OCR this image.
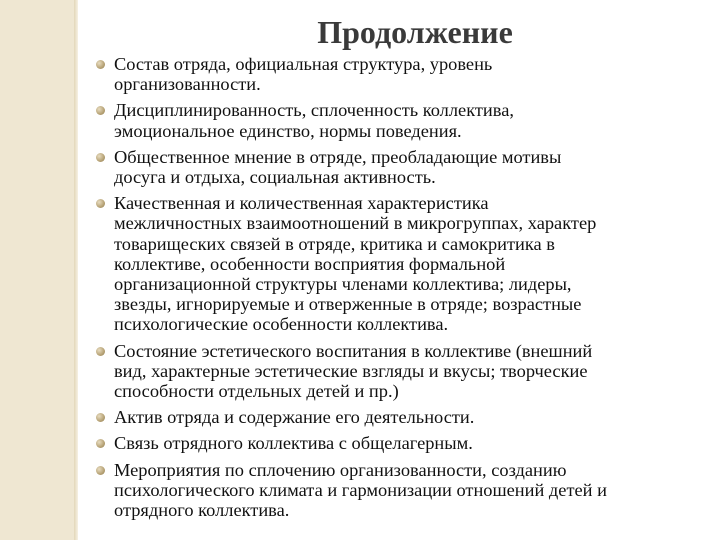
Продолжение
Состав отряда, официальная структура, уровень
организованности.
Дисциплинированность, сплоченность коллектива,
эмоциональное единство, нормы поведения.
Общественное мнение в отряде, преобладающие мотивы
досуга и отдыха, социальная активность.
Качественная и количественная характеристика
межличностных взаимоотношений в микрогруппах, характер
товарищеских связей в отряде, критика и самокритика в
коллективе, особенности восприятия формальной
организационной структуры членами коллектива; лидеры,
звезды, игнорируемые и отверженные в отряде; возрастные
психологические особенности коллектива.
Состояние эстетического воспитания в коллективе (внешний
вид, характерные эстетические взгляды и вкусы; творческие
способности отдельных детей и пр.)
Актив отряда и содержание его деятельности.
Связь отрядного коллектива с общелагерным.
Мероприятия по сплочению организованности, созданию
психологического климата и гармонизации отношений детей и
отрядного коллектива.
